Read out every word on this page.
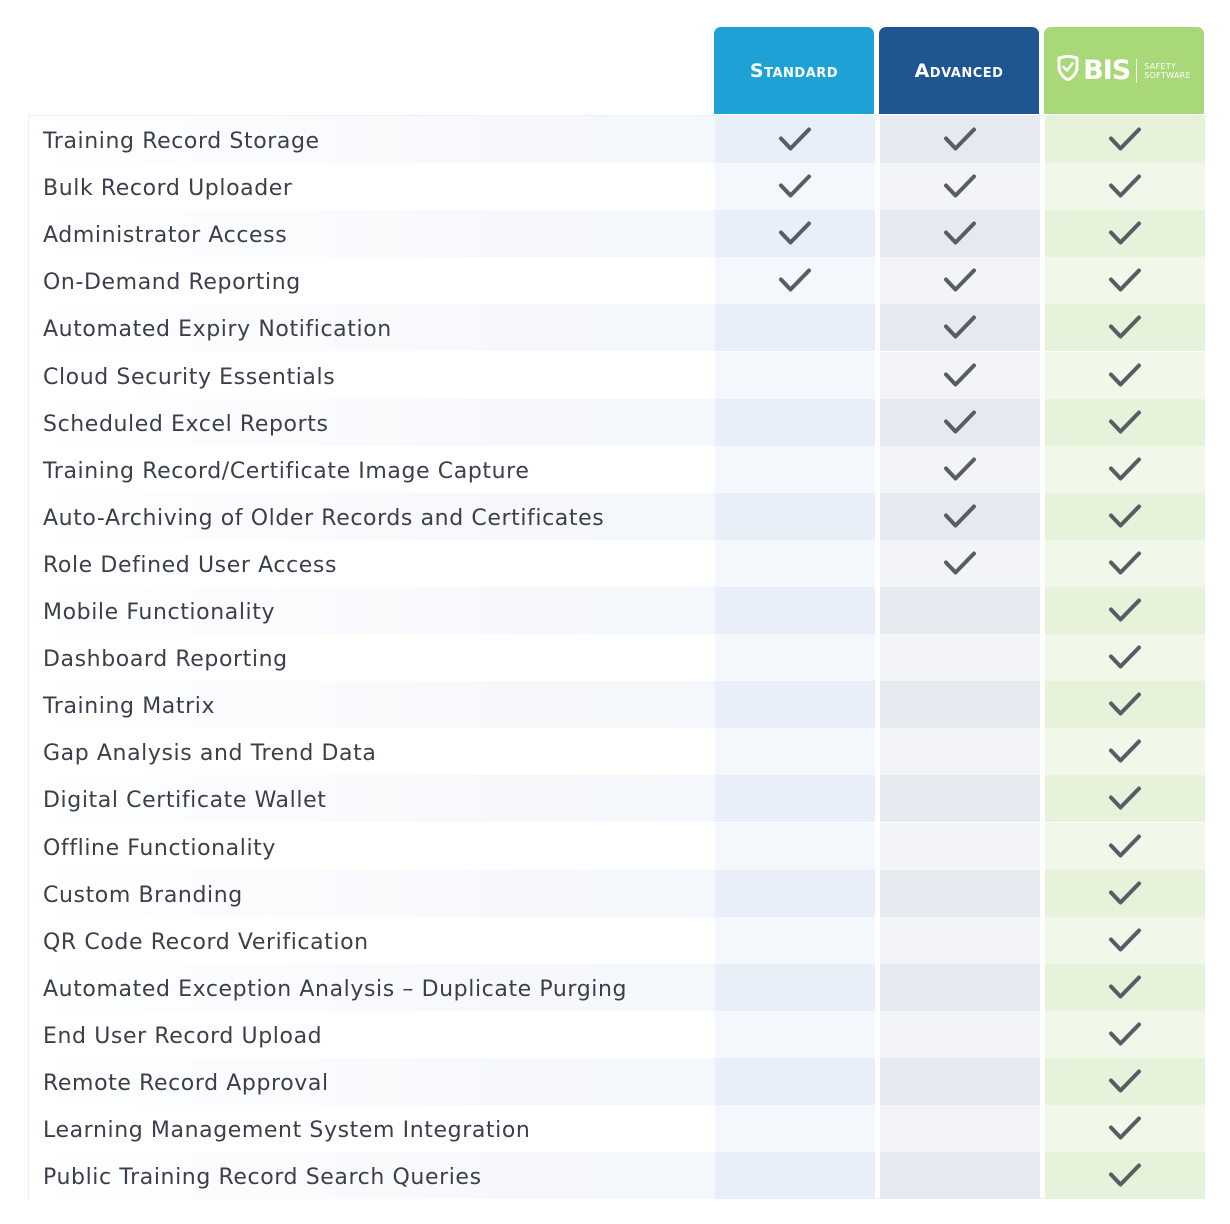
Standard	Advanced	BIS SAFETY
SOFTWARE
Training Record Storage
Bulk Record Uploader
Administrator Access
On-Demand Reporting
Automated Expiry Notification
Cloud Security Essentials
Scheduled Excel Reports
Training Record/Certificate Image Capture
Auto-Archiving of Older Records and Certificates
Role Defined User Access
Mobile Functionality
Dashboard Reporting
Training Matrix
Gap Analysis and Trend Data
Digital Certificate Wallet
Offline Functionality
Custom Branding
QR Code Record Verification
Automated Exception Analysis – Duplicate Purging
End User Record Upload
Remote Record Approval
Learning Management System Integration
Public Training Record Search Queries
